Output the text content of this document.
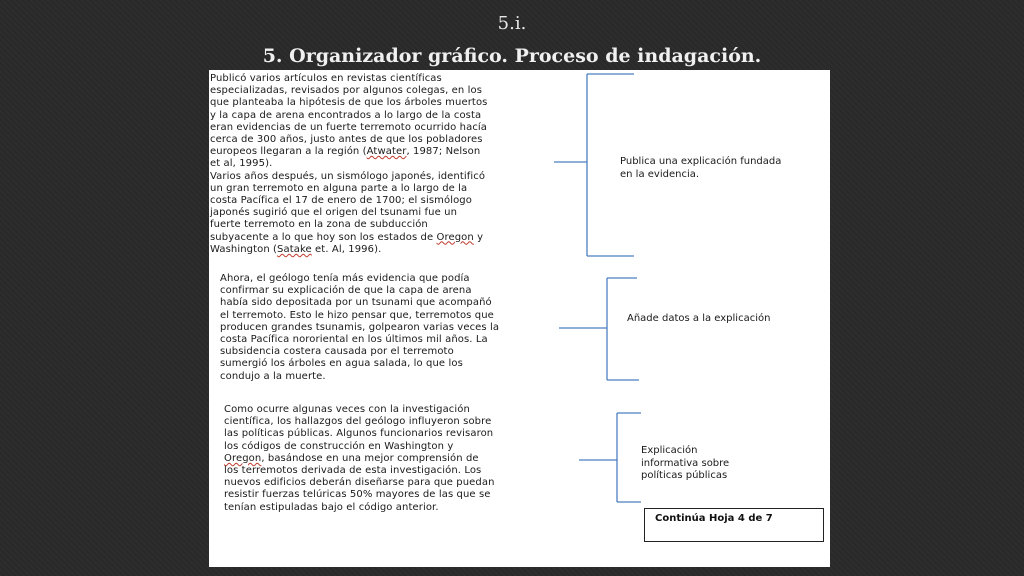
5.i.
5. Organizador gráfico. Proceso de indagación.
Publicó varios artículos en revistas científicas
especializadas, revisados por algunos colegas, en los
que planteaba la hipótesis de que los árboles muertos
y la capa de arena encontrados a lo largo de la costa
eran evidencias de un fuerte terremoto ocurrido hacía
cerca de 300 años, justo antes de que los pobladores
europeos llegaran a la región (Atwater, 1987; Nelson
et al, 1995).
Varios años después, un sismólogo japonés, identificó
un gran terremoto en alguna parte a lo largo de la
costa Pacífica el 17 de enero de 1700; el sismólogo
japonés sugirió que el origen del tsunami fue un
fuerte terremoto en la zona de subducción
subyacente a lo que hoy son los estados de Oregon y
Washington (Satake et. Al, 1996).
Publica una explicación fundada
en la evidencia.
Ahora, el geólogo tenía más evidencia que podía
confirmar su explicación de que la capa de arena
había sido depositada por un tsunami que acompañó
el terremoto. Esto le hizo pensar que, terremotos que
producen grandes tsunamis, golpearon varias veces la
costa Pacífica nororiental en los últimos mil años. La
subsidencia costera causada por el terremoto
sumergió los árboles en agua salada, lo que los
condujo a la muerte.
Añade datos a la explicación
Como ocurre algunas veces con la investigación
científica, los hallazgos del geólogo influyeron sobre
las políticas públicas. Algunos funcionarios revisaron
los códigos de construcción en Washington y
Oregon, basándose en una mejor comprensión de
los terremotos derivada de esta investigación. Los
nuevos edificios deberán diseñarse para que puedan
resistir fuerzas telúricas 50% mayores de las que se
tenían estipuladas bajo el código anterior.
Explicación
informativa sobre
políticas públicas
Continúa Hoja 4 de 7
